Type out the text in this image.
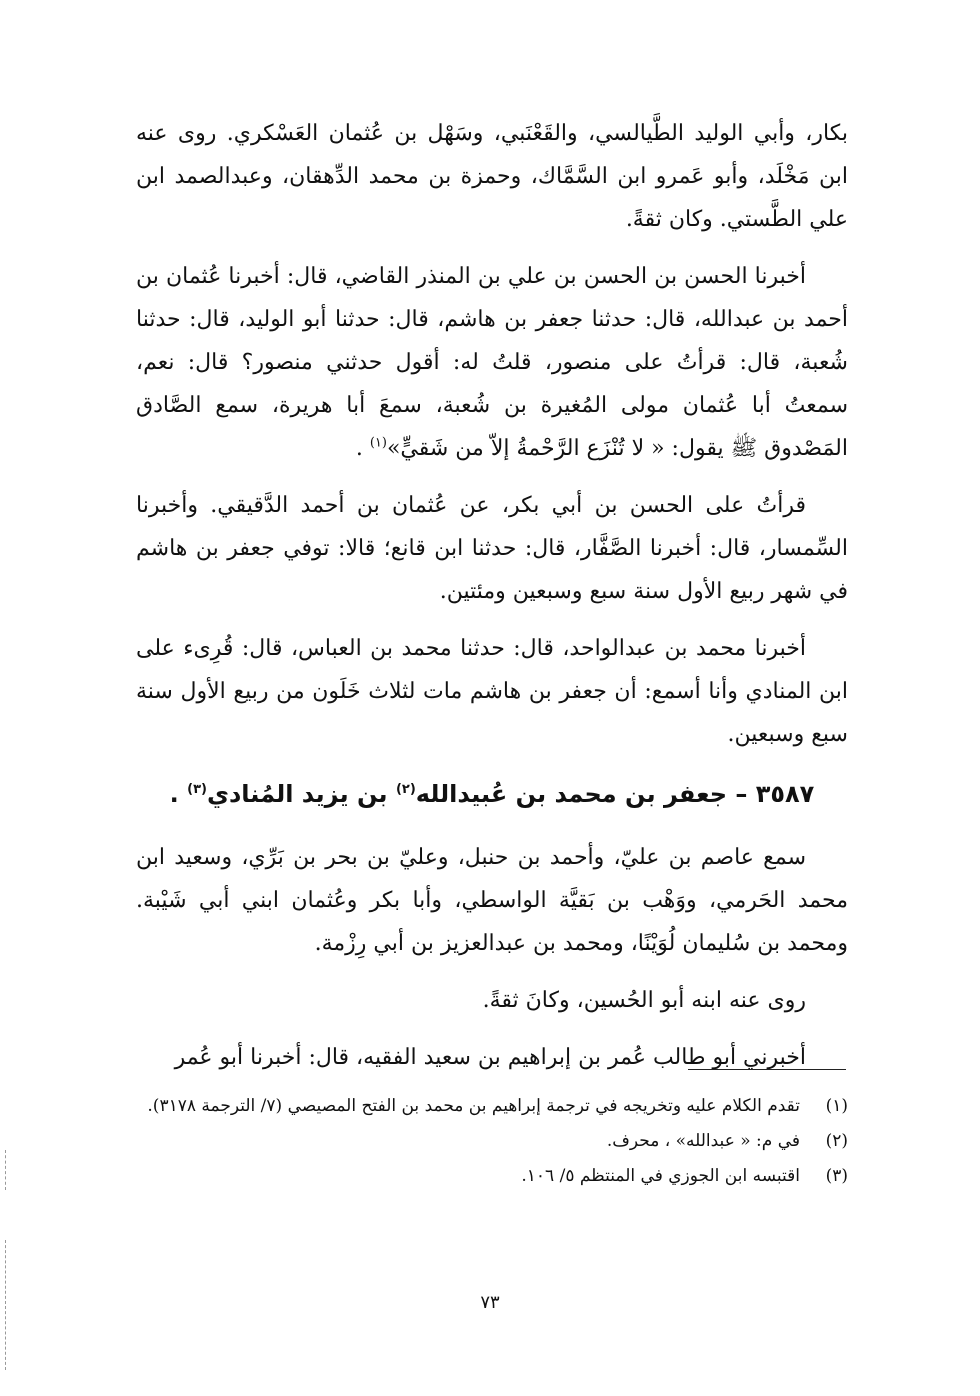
بكار، وأبي الوليد الطَّيالسي، والقَعْنَبي، وسَهْل بن عُثمان العَسْكري. روى عنه ابن مَخْلَد، وأبو عَمرو ابن السَّمَّاك، وحمزة بن محمد الدِّهقان، وعبدالصمد ابن علي الطَّستي. وكان ثقةً.

أخبرنا الحسن بن الحسن بن علي بن المنذر القاضي، قال: أخبرنا عُثمان بن أحمد بن عبدالله، قال: حدثنا جعفر بن هاشم، قال: حدثنا أبو الوليد، قال: حدثنا شُعبة، قال: قرأتُ على منصور، قلتُ له: أقول حدثني منصور؟ قال: نعم، سمعتُ أبا عُثمان مولى المُغيرة بن شُعبة، سمعَ أبا هريرة، سمع الصَّادق المَصْدوق ﷺ يقول: « لا تُنْزَع الرَّحْمةُ إلاّ من شَقيٍّ»$^{(١)}$ .

قرأتُ على الحسن بن أبي بكر، عن عُثمان بن أحمد الدَّقيقي. وأخبرنا السِّمسار، قال: أخبرنا الصَّفَّار، قال: حدثنا ابن قانع؛ قالا: توفي جعفر بن هاشم في شهر ربيع الأول سنة سبع وسبعين ومئتين.

أخبرنا محمد بن عبدالواحد، قال: حدثنا محمد بن العباس، قال: قُرِىء على ابن المنادي وأنا أسمع: أن جعفر بن هاشم مات لثلاث خَلَون من ربيع الأول سنة سبع وسبعين.

٣٥٨٧ – جعفر بن محمد بن عُبيدالله$^{(٢)}$ بن يزيد المُنادي$^{(٣)}$ .

سمع عاصم بن عليّ، وأحمد بن حنبل، وعليّ بن بحر بن بَرِّي، وسعيد ابن محمد الحَرمي، ووَهْب بن بَقيَّة الواسطي، وأبا بكر وعُثمان ابني أبي شَيْبة. ومحمد بن سُليمان لُوَيْنًا، ومحمد بن عبدالعزيز بن أبي رِزْمة.

روى عنه ابنه أبو الحُسين، وكانَ ثقةً.

أخبرني أبو طالب عُمر بن إبراهيم بن سعيد الفقيه، قال: أخبرنا أبو عُمر

(١)
تقدم الكلام عليه وتخريجه في ترجمة إبراهيم بن محمد بن الفتح المصيصي (٧/ الترجمة ٣١٧٨).
(٢)
في م: « عبدالله» ، محرف.
(٣)
اقتبسه ابن الجوزي في المنتظم ٥/ ١٠٦.
٧٣
